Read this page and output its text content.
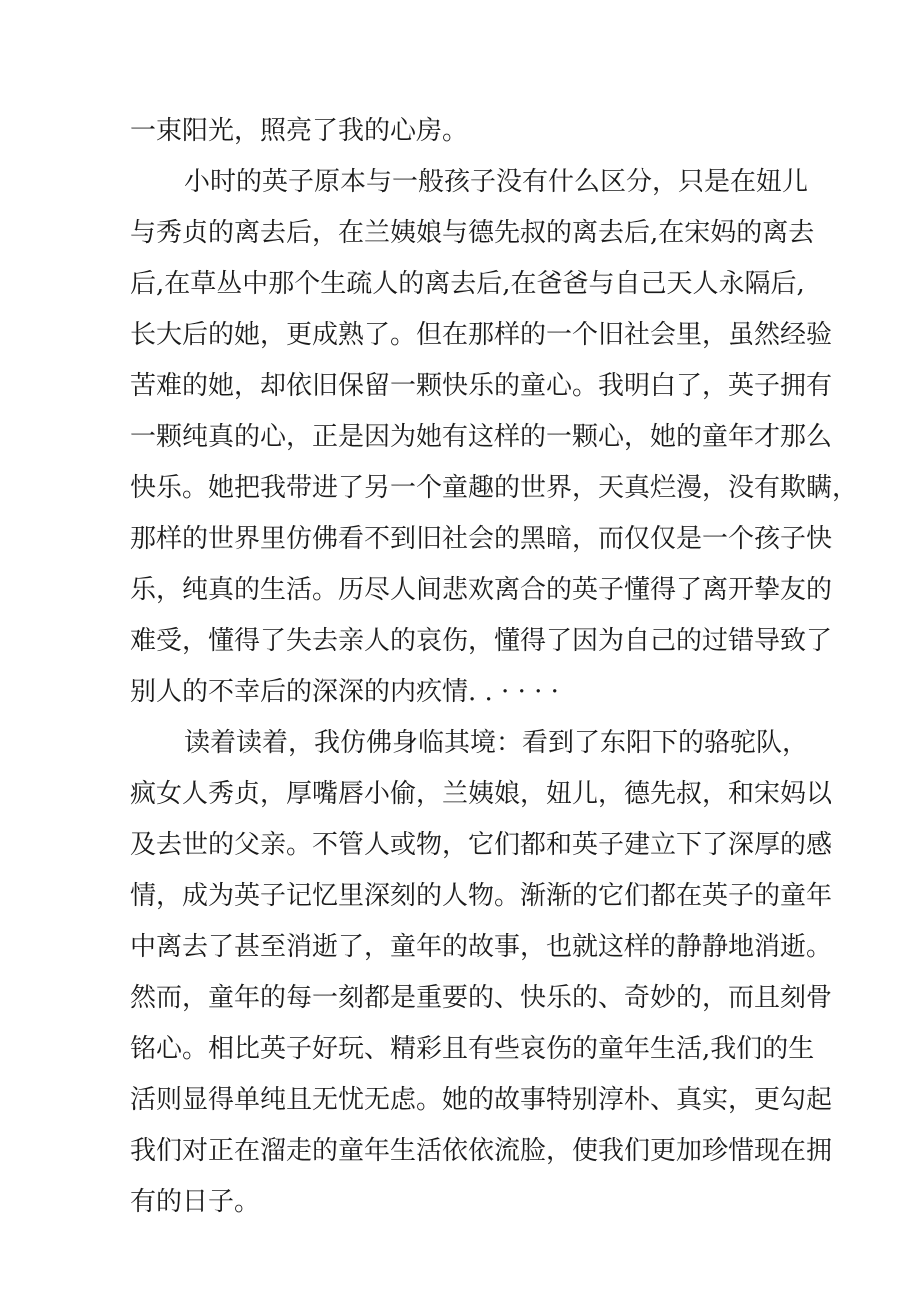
一束阳光，照亮了我的心房。
小时的英子原本与一般孩子没有什么区分，只是在妞儿
与秀贞的离去后，在兰姨娘与德先叔的离去后,在宋妈的离去
后,在草丛中那个生疏人的离去后,在爸爸与自己天人永隔后,
长大后的她，更成熟了。但在那样的一个旧社会里，虽然经验
苦难的她，却依旧保留一颗快乐的童心。我明白了，英子拥有
一颗纯真的心，正是因为她有这样的一颗心，她的童年才那么
快乐。她把我带进了另一个童趣的世界，天真烂漫，没有欺瞒，
那样的世界里仿佛看不到旧社会的黑暗，而仅仅是一个孩子快
乐，纯真的生活。历尽人间悲欢离合的英子懂得了离开挚友的
难受，懂得了失去亲人的哀伤，懂得了因为自己的过错导致了
别人的不幸后的深深的内疚情. . · · · ·
读着读着，我仿佛身临其境：看到了东阳下的骆驼队，
疯女人秀贞，厚嘴唇小偷，兰姨娘，妞儿，德先叔，和宋妈以
及去世的父亲。不管人或物，它们都和英子建立下了深厚的感
情，成为英子记忆里深刻的人物。渐渐的它们都在英子的童年
中离去了甚至消逝了，童年的故事，也就这样的静静地消逝。
然而，童年的每一刻都是重要的、快乐的、奇妙的，而且刻骨
铭心。相比英子好玩、精彩且有些哀伤的童年生活,我们的生
活则显得单纯且无忧无虑。她的故事特别淳朴、真实，更勾起
我们对正在溜走的童年生活依依流脸，使我们更加珍惜现在拥
有的日子。
